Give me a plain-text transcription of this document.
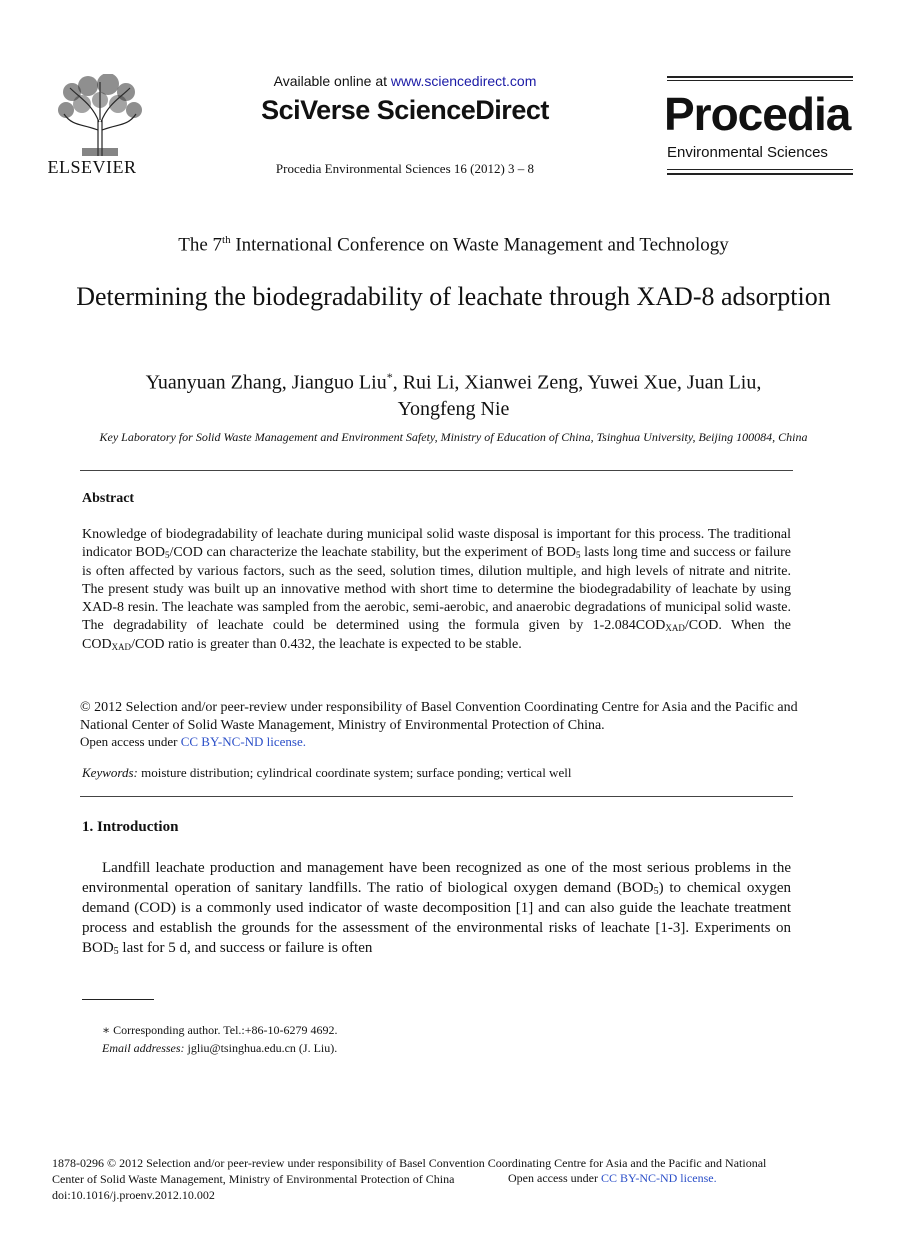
ELSEVIER
Available online at www.sciencedirect.com
SciVerse ScienceDirect
Procedia Environmental Sciences 16 (2012) 3 – 8
Procedia
Environmental Sciences
The 7th International Conference on Waste Management and Technology
Determining the biodegradability of leachate through XAD-8 adsorption
Yuanyuan Zhang, Jianguo Liu*, Rui Li, Xianwei Zeng, Yuwei Xue, Juan Liu,
Yongfeng Nie
Key Laboratory for Solid Waste Management and Environment Safety, Ministry of Education of China, Tsinghua University, Beijing 100084, China
Abstract
Knowledge of biodegradability of leachate during municipal solid waste disposal is important for this process. The traditional indicator $BOD_5$/COD can characterize the leachate stability, but the experiment of $BOD_5$ lasts long time and success or failure is often affected by various factors, such as the seed, solution times, dilution multiple, and high levels of nitrate and nitrite. The present study was built up an innovative method with short time to determine the biodegradability of leachate by using XAD-8 resin. The leachate was sampled from the aerobic, semi-aerobic, and anaerobic degradations of municipal solid waste. The degradability of leachate could be determined using the formula given by $1-2.084COD_{XAD}$/COD. When the $COD_{XAD}$/COD ratio is greater than 0.432, the leachate is expected to be stable.
© 2012 Selection and/or peer-review under responsibility of Basel Convention Coordinating Centre for Asia and the Pacific and National Center of Solid Waste Management, Ministry of Environmental Protection of China.
Open access under CC BY-NC-ND license.
Keywords: moisture distribution; cylindrical coordinate system; surface ponding; vertical well
1. Introduction
Landfill leachate production and management have been recognized as one of the most serious problems in the environmental operation of sanitary landfills. The ratio of biological oxygen demand $(BOD_5)$ to chemical oxygen demand (COD) is a commonly used indicator of waste decomposition [1] and can also guide the leachate treatment process and establish the grounds for the assessment of the environmental risks of leachate [1-3]. Experiments on $BOD_5$ last for 5 d, and success or failure is often
∗ Corresponding author. Tel.:+86-10-6279 4692.
Email addresses: jgliu@tsinghua.edu.cn (J. Liu).
1878-0296 © 2012 Selection and/or peer-review under responsibility of Basel Convention Coordinating Centre for Asia and the Pacific and National
Center of Solid Waste Management, Ministry of Environmental Protection of China
doi:10.1016/j.proenv.2012.10.002
Open access under CC BY-NC-ND license.
